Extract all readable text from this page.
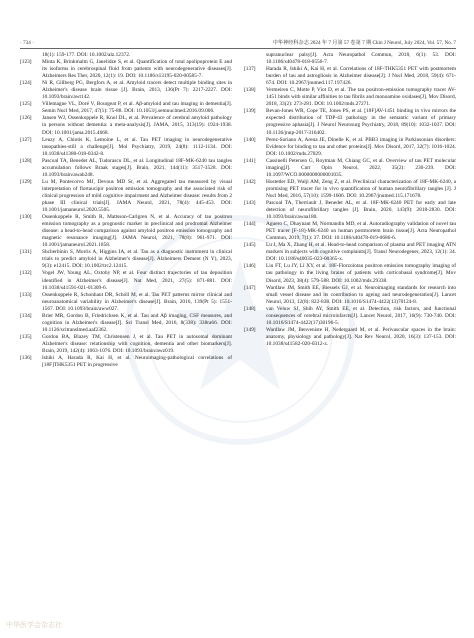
· 734 ·	中华神经科杂志 2024 年 7 月第 57 卷第 7 期 Chin J Neurol, July 2024, Vol. 57, No. 7
18(1): 159-177. DOI: 10.1002/alz.12372.
[123]	Minta K, Brinkmalm G, Janelidze S, et al. Quantification of total apolipoprotein E and its isoforms in cerebrospinal fluid from patients with neurodegenerative diseases[J]. Alzheimers Res Ther, 2020, 12(1): 19. DOI: 10.1186/s13195-020-00585-7.
[124]	Ni R, Gillberg PG, Bergfors A, et al. Amyloid tracers detect multiple binding sites in Alzheimer's disease brain tissue [J]. Brain, 2013, 136(Pt 7): 2217-2227. DOI: 10.1093/brain/awt142.
[125]	Villemagne VL, Doré V, Bourgeat P, et al. Aβ-amyloid and tau imaging in dementia[J]. Semin Nucl Med, 2017, 47(1): 75-88. DOI: 10.1053/j.semnuclmed.2016.09.006.
[126]	Jansen WJ, Ossenkoppele R, Knol DL, et al. Prevalence of cerebral amyloid pathology in persons without dementia: a meta-analysis[J]. JAMA, 2015, 313(19): 1924-1938. DOI: 10.1001/jama.2015.4668.
[127]	Leuzy A, Chiotis K, Lemoine L, et al. Tau PET imaging in neurodegenerative tauopathies-still a challenge[J]. Mol Psychiatry, 2019, 24(8): 1112-1134. DOI: 10.1038/s41380-018-0342-8.
[128]	Pascoal TA, Benedet AL, Tudorascu DL, et al. Longitudinal 18F-MK-6240 tau tangles accumulation follows Braak stages[J]. Brain, 2021, 144(11): 3517-3528. DOI: 10.1093/brain/awab248.
[129]	Lu M, Pontecorvo MJ, Devous MD Sr, et al. Aggregated tau measured by visual interpretation of flortaucipir positron emission tomography and the associated risk of clinical progression of mild cognitive impairment and Alzheimer disease: results from 2 phase III clinical trials[J]. JAMA Neurol, 2021, 78(4): 445-453. DOI: 10.1001/jamaneurol.2020.5505.
[130]	Ossenkoppele R, Smith R, Mattsson-Carlgren N, et al. Accuracy of tau positron emission tomography as a prognostic marker in preclinical and prodromal Alzheimer disease: a head-to-head comparison against amyloid positron emission tomography and magnetic resonance imaging[J]. JAMA Neurol, 2021, 78(8): 961-971. DOI: 10.1001/jamaneurol.2021.1858.
[131]	Shcherbinin S, Morris A, Higgins IA, et al. Tau as a diagnostic instrument in clinical trials to predict amyloid in Alzheimer's disease[J]. Alzheimers Dement (N Y), 2023, 9(3): e12415. DOI: 10.1002/trc2.12415.
[132]	Vogel JW, Young AL, Oxtoby NP, et al. Four distinct trajectories of tau deposition identified in Alzheimer's disease[J]. Nat Med, 2021, 27(5): 871-881. DOI: 10.1038/s41591-021-01309-6.
[133]	Ossenkoppele R, Schonhaut DR, Schöll M, et al. Tau PET patterns mirror clinical and neuroanatomical variability in Alzheimer's disease[J]. Brain, 2016, 139(Pt 5): 1551-1567. DOI: 10.1093/brain/aww027.
[134]	Brier MR, Gordon B, Friedrichsen K, et al. Tau and Aβ imaging, CSF measures, and cognition in Alzheimer's disease[J]. Sci Transl Med, 2016, 8(338): 338ra66. DOI: 10.1126/scitranslmed.aaf2362.
[135]	Gordon BA, Blazey TM, Christensen J, et al. Tau PET in autosomal dominant Alzheimer's disease: relationship with cognition, dementia and other biomarkers[J]. Brain, 2019, 142(4): 1063-1076. DOI: 10.1093/brain/awz019.
[136]	Ishiki A, Harada R, Kai H, et al. Neuroimaging-pathological correlations of [18F]THK5351 PET in progressive
supranuclear palsy[J]. Acta Neuropathol Commun, 2018, 6(1): 53. DOI: 10.1186/s40478-018-0556-7.
[137]	Harada R, Ishiki A, Kai H, et al. Correlations of 18F-THK5351 PET with postmortem burden of tau and astrogliosis in Alzheimer disease[J]. J Nucl Med, 2018, 59(4): 671-674. DOI: 10.2967/jnumed.117.197426.
[138]	Vermeiren C, Motte P, Viot D, et al. The tau positron-emission tomography tracer AV-1451 binds with similar affinities to tau fibrils and monoamine oxidases[J]. Mov Disord, 2018, 33(2): 273-281. DOI: 10.1002/mds.27271.
[139]	Bevan-Jones WR, Cope TE, Jones PS, et al. [18F]AV-1451 binding in vivo mirrors the expected distribution of TDP-43 pathology in the semantic variant of primary progressive aphasia[J]. J Neurol Neurosurg Psychiatry, 2018, 89(10): 1032-1037. DOI: 10.1136/jnnp-2017-316402.
[140]	Perez-Soriano A, Arena JE, Dinelle K, et al. PBB3 imaging in Parkinsonian disorders: Evidence for binding to tau and other proteins[J]. Mov Disord, 2017, 32(7): 1016-1024. DOI: 10.1002/mds.27029.
[141]	Cassinelli Petersen G, Roytman M, Chiang GC, et al. Overview of tau PET molecular imaging[J]. Curr Opin Neurol, 2022, 35(2): 230-239. DOI: 10.1097/WCO.0000000000001035.
[142]	Hostetler ED, Walji AM, Zeng Z, et al. Preclinical characterization of 18F-MK-6240, a promising PET tracer for in vivo quantification of human neurofibrillary tangles [J]. J Nucl Med, 2016, 57(10): 1599-1606. DOI: 10.2967/jnumed.115.171678.
[143]	Pascoal TA, Therriault J, Benedet AL, et al. 18F-MK-6240 PET for early and late detection of neurofibrillary tangles [J]. Brain, 2020, 143(9): 2818-2830. DOI: 10.1093/brain/awaa180.
[144]	Aguero C, Dhaynaut M, Normandin MD, et al. Autoradiography validation of novel tau PET tracer [F-18]-MK-6240 on human postmortem brain tissue[J]. Acta Neuropathol Commun, 2019, 7(1): 37. DOI: 10.1186/s40478-019-0686-6.
[145]	Lu J, Ma X, Zhang H, et al. Head-to-head comparison of plasma and PET imaging ATN markers in subjects with cognitive complaints[J]. Transl Neurodegener, 2023, 12(1): 34. DOI: 10.1186/s40035-023-00365-x.
[146]	Liu FT, Lu JY, Li XY, et al. 18F-Florzolotau positron emission tomography imaging of tau pathology in the living brains of patients with corticobasal syndrome[J]. Mov Disord, 2023, 38(4): 579-588. DOI: 10.1002/mds.29338.
[147]	Wardlaw JM, Smith EE, Biessels GJ, et al. Neuroimaging standards for research into small vessel disease and its contribution to ageing and neurodegeneration[J]. Lancet Neurol, 2013, 12(8): 822-838. DOI: 10.1016/S1474-4422(13)70124-8.
[148]	van Veluw SJ, Shih AY, Smith EE, et al. Detection, risk factors, and functional consequences of cerebral microinfarcts[J]. Lancet Neurol, 2017, 16(9): 730-740. DOI: 10.1016/S1474-4422(17)30196-5.
[149]	Wardlaw JM, Benveniste H, Nedergaard M, et al. Perivascular spaces in the brain: anatomy, physiology and pathology[J]. Nat Rev Neurol, 2020, 16(3): 137-153. DOI: 10.1038/s41582-020-0312-z.
中华医学会杂志社
